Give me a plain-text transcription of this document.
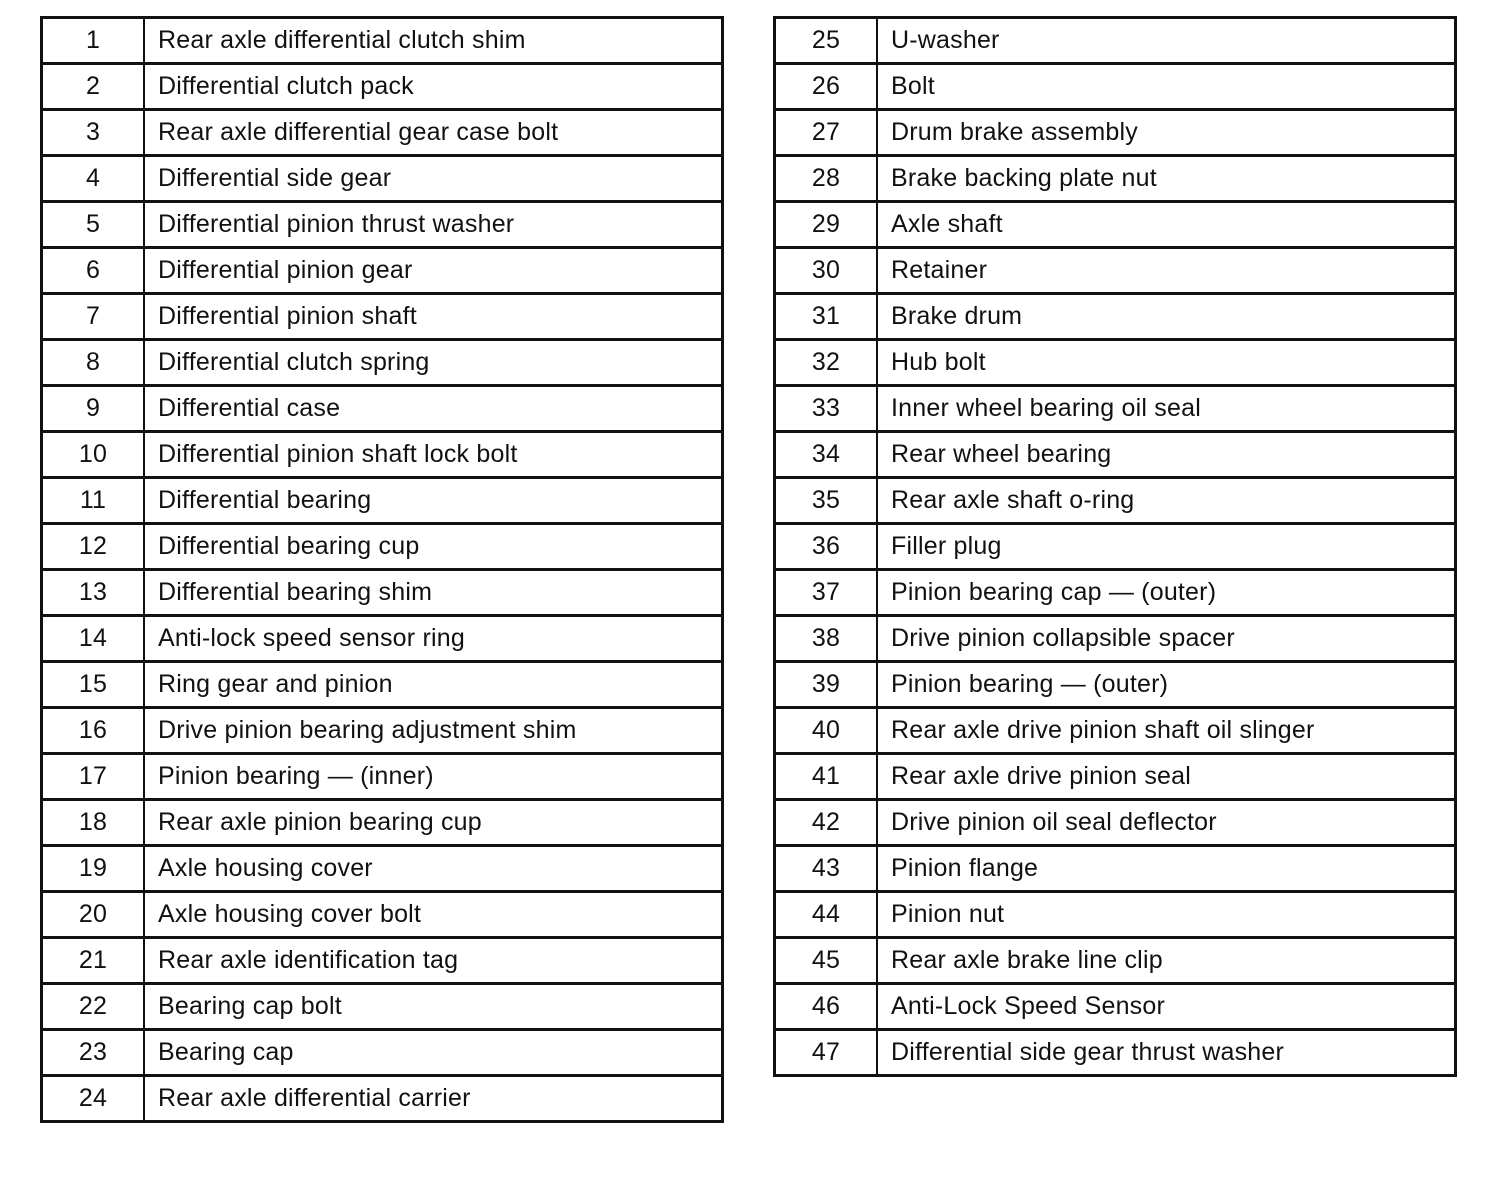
1	Rear axle differential clutch shim
2	Differential clutch pack
3	Rear axle differential gear case bolt
4	Differential side gear
5	Differential pinion thrust washer
6	Differential pinion gear
7	Differential pinion shaft
8	Differential clutch spring
9	Differential case
10	Differential pinion shaft lock bolt
11	Differential bearing
12	Differential bearing cup
13	Differential bearing shim
14	Anti-lock speed sensor ring
15	Ring gear and pinion
16	Drive pinion bearing adjustment shim
17	Pinion bearing — (inner)
18	Rear axle pinion bearing cup
19	Axle housing cover
20	Axle housing cover bolt
21	Rear axle identification tag
22	Bearing cap bolt
23	Bearing cap
24	Rear axle differential carrier
25	U-washer
26	Bolt
27	Drum brake assembly
28	Brake backing plate nut
29	Axle shaft
30	Retainer
31	Brake drum
32	Hub bolt
33	Inner wheel bearing oil seal
34	Rear wheel bearing
35	Rear axle shaft o-ring
36	Filler plug
37	Pinion bearing cap — (outer)
38	Drive pinion collapsible spacer
39	Pinion bearing — (outer)
40	Rear axle drive pinion shaft oil slinger
41	Rear axle drive pinion seal
42	Drive pinion oil seal deflector
43	Pinion flange
44	Pinion nut
45	Rear axle brake line clip
46	Anti-Lock Speed Sensor
47	Differential side gear thrust washer
